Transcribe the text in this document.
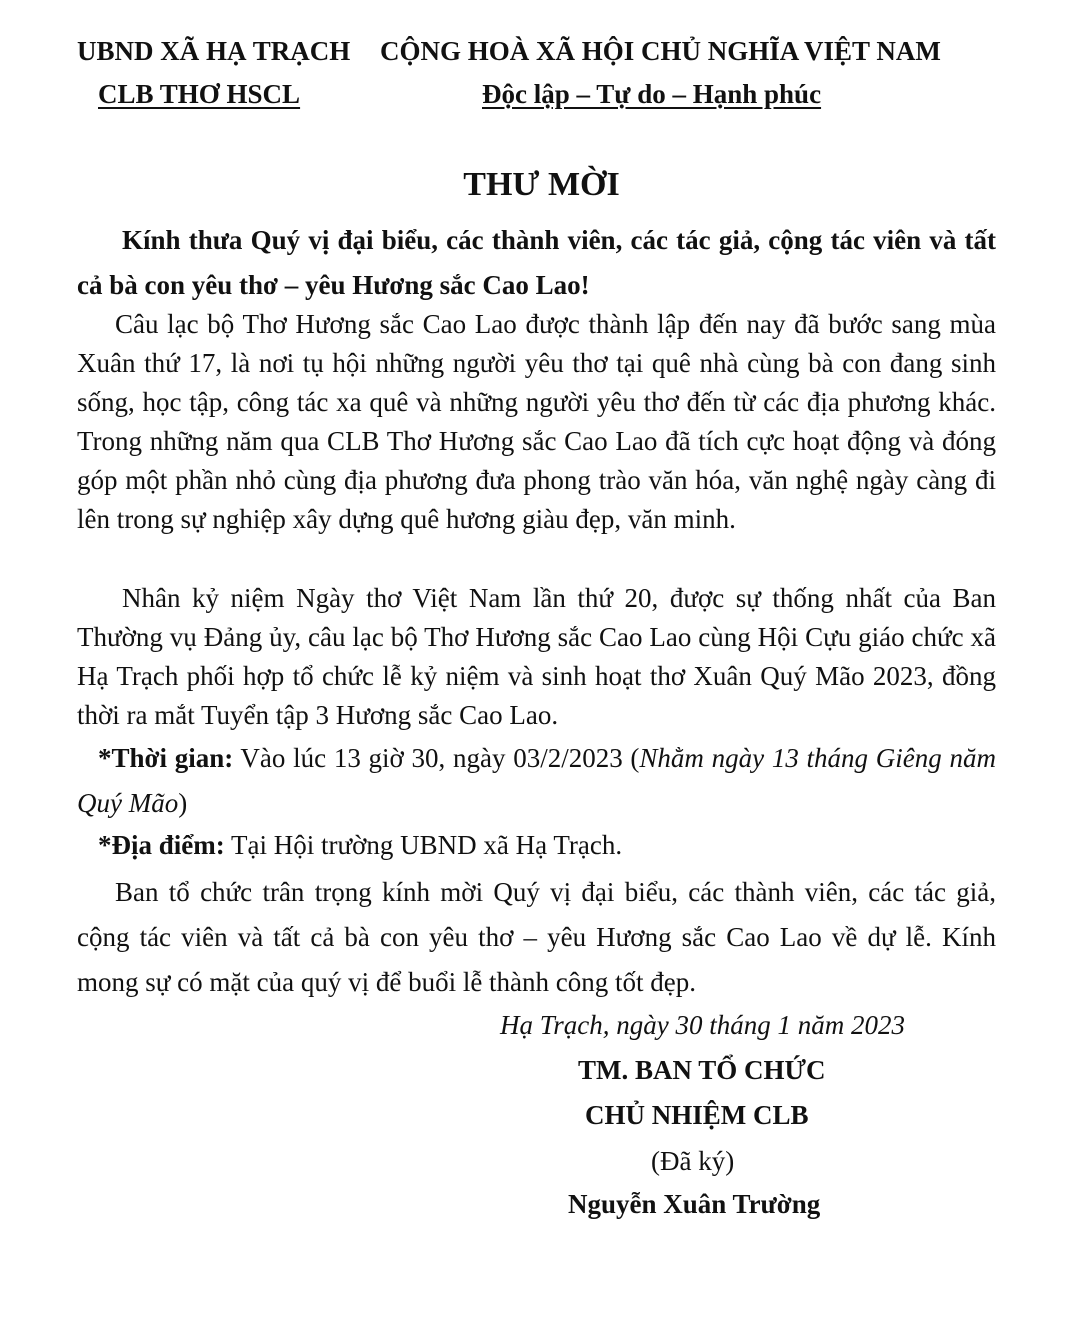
UBND XÃ HẠ TRẠCH
CLB THƠ HSCL
CỘNG HOÀ XÃ HỘI CHỦ NGHĨA VIỆT NAM
Độc lập – Tự do – Hạnh phúc
THƯ MỜI

Kính thưa Quý vị đại biểu, các thành viên, các tác giả, cộng tác viên và tất cả bà con yêu thơ – yêu Hương sắc Cao Lao!

Câu lạc bộ Thơ Hương sắc Cao Lao được thành lập đến nay đã bước sang mùa Xuân thứ 17, là nơi tụ hội những người yêu thơ tại quê nhà cùng bà con đang sinh sống, học tập, công tác xa quê và những người yêu thơ đến từ các địa phương khác. Trong những năm qua CLB Thơ Hương sắc Cao Lao đã tích cực hoạt động và đóng góp một phần nhỏ cùng địa phương đưa phong trào văn hóa, văn nghệ ngày càng đi lên trong sự nghiệp xây dựng quê hương giàu đẹp, văn minh.

Nhân kỷ niệm Ngày thơ Việt Nam lần thứ 20, được sự thống nhất của Ban Thường vụ Đảng ủy, câu lạc bộ Thơ Hương sắc Cao Lao cùng Hội Cựu giáo chức xã Hạ Trạch phối hợp tổ chức lễ kỷ niệm và sinh hoạt thơ Xuân Quý Mão 2023, đồng thời ra mắt Tuyển tập 3 Hương sắc Cao Lao.

*Thời gian: Vào lúc 13 giờ 30, ngày 03/2/2023 (Nhằm ngày 13 tháng Giêng năm Quý Mão)

*Địa điểm: Tại Hội trường UBND xã Hạ Trạch.

Ban tổ chức trân trọng kính mời Quý vị đại biểu, các thành viên, các tác giả, cộng tác viên và tất cả bà con yêu thơ – yêu Hương sắc Cao Lao về dự lễ. Kính mong sự có mặt của quý vị để buổi lễ thành công tốt đẹp.

Hạ Trạch, ngày 30 tháng 1 năm 2023
TM. BAN TỔ CHỨC
CHỦ NHIỆM CLB
(Đã ký)
Nguyễn Xuân Trường
